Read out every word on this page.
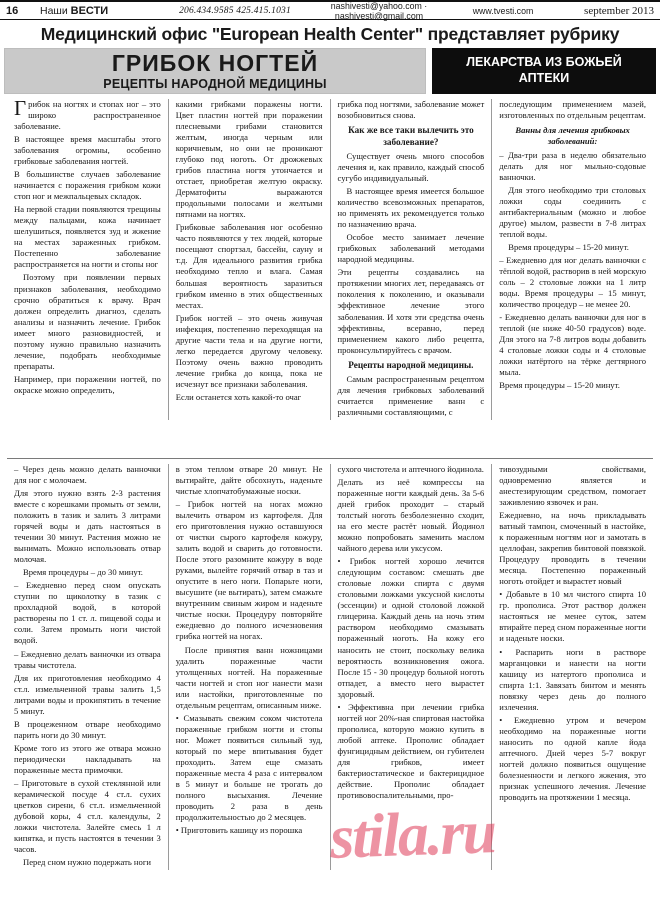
16	Наши ВЕСТИ	206.434.9585 425.415.1031	nashivesti@yahoo.com · nashivesti@gmail.com	www.tvesti.com	september 2013
Медицинский офис "European Health Center" представляет рубрику
ГРИБОК НОГТЕЙ
РЕЦЕПТЫ НАРОДНОЙ МЕДИЦИНЫ
ЛЕКАРСТВА ИЗ БОЖЬЕЙ
АПТЕКИ

Грибок на ногтях и стопах ног – это широко распространенное заболевание.

В настоящее время масштабы этого заболевания огромны, особенно грибковые заболевания ногтей.

В большинстве случаев заболевание начинается с поражения грибком кожи стоп ног и межпальцевых складок.

На первой стадии появляются трещины между пальцами, кожа начинает шелушиться, появляется зуд и жжение на местах зараженных грибком. Постепенно заболевание распространяется на ногти и стопы ног

Поэтому при появлении первых признаков заболевания, необходимо срочно обратиться к врачу. Врач должен определить диагноз, сделать анализы и назначить лечение. Грибок имеет много разновидностей, и поэтому нужно правильно назначить лечение, подобрать необходимые препараты.

Например, при поражении ногтей, по окраске можно определить,

какими грибками поражены ногти. Цвет пластин ногтей при поражении плесневыми грибами становится желтым, иногда черным или коричневым, но они не проникают глубоко под ноготь. От дрожжевых грибов пластина ногтя утончается и отстает, приобретая желтую окраску. Дерматофиты выражаются продольными полосами и желтыми пятнами на ногтях.

Грибковые заболевания ног особенно часто появляются у тех людей, которые посещают спортзал, бассейн, сауну и т.д. Для идеального развития грибка необходимо тепло и влага. Самая большая вероятность заразиться грибком именно в этих общественных местах.

Грибок ногтей – это очень живучая инфекция, постепенно переходящая на другие части тела и на другие ногти, легко передается другому человеку. Поэтому очень важно проводить лечение грибка до конца, пока не исчезнут все признаки заболевания.

Если останется хоть какой-то очаг

грибка под ногтями, заболевание может возобновиться снова.

Как же все таки вылечить это заболевание?

Существует очень много способов лечения и, как правило, каждый способ сугубо индивидуальный.

В настоящее время имеется большое количество всевозможных препаратов, но применять их рекомендуется только по назначению врача.

Особое место занимает лечение грибковых заболеваний методами народной медицины.

Эти рецепты создавались на протяжении многих лет, передаваясь от поколения к поколению, и оказывали эффективное лечение этого заболевания. И хотя эти средства очень эффективны, всеравно, перед применением какого либо рецепта, проконсультируйтесь с врачом.

Рецепты народной медицины.

Самым распространенным рецептом для лечения грибковых заболеваний считается применение ванн с различными составляющими, с

последующим применением мазей, изготовленных по отдельным рецептам.

Ванны для лечения грибковых заболеваний:

– Два-три раза в неделю обязательно делать для ног мыльно-содовые ванночки.

Для этого необходимо три столовых ложки соды соединить с антибактериальным (можно и любое другое) мылом, развести в 7-8 литрах теплой воды.

Время процедуры – 15-20 минут.

– Ежедневно для ног делать ванночки с тёплой водой, растворив в ней морскую соль – 2 столовые ложки на 1 литр воды. Время процедуры – 15 минут, количество процедур – не менее 20.

- Ежедневно делать ванночки для ног в теплой (не ниже 40-50 градусов) воде. Для этого на 7-8 литров воды добавить 4 столовые ложки соды и 4 столовые ложки натёртого на тёрке дегтярного мыла.

Время процедуры – 15-20 минут.

– Через день можно делать ванночки для ног с молочаем.

Для этого нужно взять 2-3 растения вместе с корешками промыть от земли, положить в тазик и залить 3 литрами горячей воды и дать настояться в течении 30 минут. Растения можно не вынимать. Можно использовать отвар молочая.

Время процедуры – до 30 минут.

– Ежедневно перед сном опускать ступни по щиколотку в тазик с прохладной водой, в которой растворены по 1 ст. л. пищевой соды и соли. Затем промыть ноги чистой водой.

– Ежедневно делать ванночки из отвара травы чистотела.

Для их приготовления необходимо 4 ст.л. измельченной травы залить 1,5 литрами воды и прокипятить в течение 5 минут.

В процеженном отваре необходимо парить ноги до 30 минут.

Кроме того из этого же отвара можно периодически накладывать на пораженные места примочки.

– Приготовьте в сухой стеклянной или керамической посуде 4 ст.л. сухих цветков сирени, 6 ст.л. измельченной дубовой коры, 4 ст.л. календулы, 2 ложки чистотела. Залейте смесь 1 л кипятка, и пусть настоятся в течении 3 часов.

Перед сном нужно подержать ноги

в этом теплом отваре 20 минут. Не вытирайте, дайте обсохнуть, наденьте чистые хлопчатобумажные носки.

– Грибок ногтей на ногах можно вылечить отваром из картофеля. Для его приготовления нужно оставшуюся от чистки сырого картофеля кожуру, залить водой и сварить до готовности. После этого разомните кожуру в воде руками, вылейте горячий отвар в таз и опустите в него ноги. Попарьте ноги, высушите (не вытирать), затем смажьте внутренним свиным жиром и наденьте чистые носки. Процедуру повторяйте ежедневно до полного исчезновения грибка ногтей на ногах.

После принятия ванн ножницами удалить пораженные части утолщенных ногтей. На пораженные части ногтей и стоп ног нанести мази или настойки, приготовленные по отдельным рецептам, описанным ниже.

• Смазывать свежим соком чистотела пораженные грибком ногти и стопы ног. Может появиться сильный зуд, который по мере впитывания будет проходить. Затем еще смазать пораженные места 4 раза с интервалом в 5 минут и больше не трогать до полного высыхания. Лечение проводить 2 раза в день продолжительностью до 2 месяцев.

• Приготовить кашицу из порошка

сухого чистотела и аптечного йодинола.

Делать из неё компрессы на пораженные ногти каждый день. За 5-6 дней грибок проходит – старый толстый ноготь безболезненно сходит, на его месте растёт новый. Йодинол можно попробовать заменить маслом чайного дерева или уксусом.

• Грибок ногтей хорошо лечится следующим составом: смешать две столовые ложки спирта с двумя столовыми ложками уксусной кислоты (эссенции) и одной столовой ложкой глицерина. Каждый день на ночь этим раствором необходимо смазывать пораженный ноготь. На кожу его наносить не стоит, поскольку велика вероятность возникновения ожога. После 15 - 30 процедур больной ноготь отпадет, а вместо него вырастет здоровый.

• Эффективна при лечении грибка ногтей ног 20%-ная спиртовая настойка прополиса, которую можно купить в любой аптеке. Прополис обладает фунгицидным действием, он губителен для грибков, имеет бактериостатическое и бактерицидное действие. Прополис обладает противовоспалительными, про-

тивозудными свойствами, одновременно является и анестезирующим средством, помогает заживлению язвочек и ран.

Ежедневно, на ночь прикладывать ватный тампон, смоченный в настойке, к пораженным ногтям ног и замотать в целлофан, закрепив бинтовой повязкой. Процедуру проводить в течении месяца. Постепенно пораженный ноготь отойдет и вырастет новый

• Добавьте в 10 мл чистого спирта 10 гр. прополиса. Этот раствор должен настояться не менее суток, затем втирайте перед сном пораженные ногти и наденьте носки.

• Распарить ноги в растворе марганцовки и нанести на ногти кашицу из натертого прополиса и спирта 1:1. Завязать бинтом и менять повязку через день до полного излечения.

• Ежедневно утром и вечером необходимо на пораженные ногти наносить по одной капле йода аптечного. Дней через 5-7 вокруг ногтей должно появиться ощущение болезненности и легкого жжения, это признак успешного лечения. Лечение проводить на протяжении 1 месяца.

stila.ru
